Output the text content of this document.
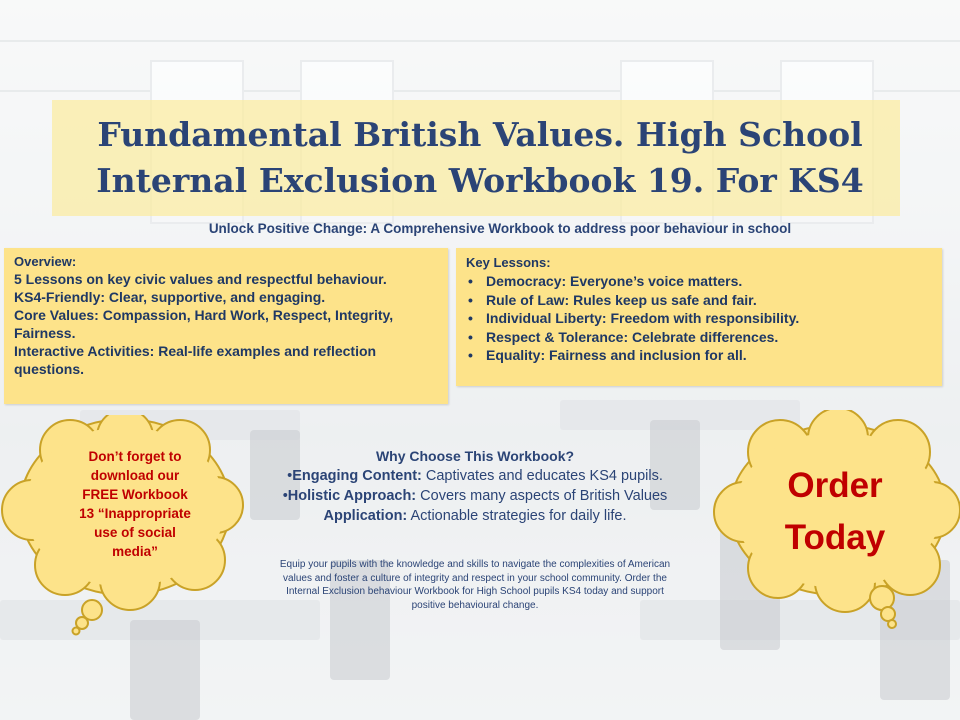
Fundamental British Values. High School
Internal Exclusion Workbook 19. For KS4
Unlock Positive Change: A Comprehensive Workbook to address poor behaviour in school
Overview:
5 Lessons on key civic values and respectful behaviour.
KS4-Friendly: Clear, supportive, and engaging.
Core Values: Compassion, Hard Work, Respect, Integrity, Fairness.
Interactive Activities: Real-life examples and reflection questions.
Key Lessons:
• Democracy: Everyone’s voice matters.
• Rule of Law: Rules keep us safe and fair.
• Individual Liberty: Freedom with responsibility.
• Respect & Tolerance: Celebrate differences.
• Equality: Fairness and inclusion for all.
Why Choose This Workbook?
•Engaging Content: Captivates and educates KS4 pupils.
•Holistic Approach: Covers many aspects of British Values
Application: Actionable strategies for daily life.
Equip your pupils with the knowledge and skills to navigate the complexities of American values and foster a culture of integrity and respect in your school community. Order the Internal Exclusion behaviour Workbook for High School pupils KS4 today and support positive behavioural change.
Don’t forget to
download our
FREE Workbook
13 “Inappropriate
use of social
media”
Order
Today
